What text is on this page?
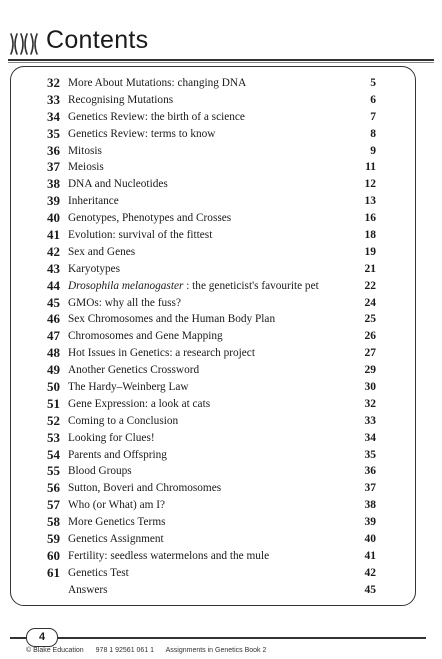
Contents
32 More About Mutations: changing DNA	5
33 Recognising Mutations	6
34 Genetics Review: the birth of a science	7
35 Genetics Review: terms to know	8
36 Mitosis	9
37 Meiosis	11
38 DNA and Nucleotides	12
39 Inheritance	13
40 Genotypes, Phenotypes and Crosses	16
41 Evolution: survival of the fittest	18
42 Sex and Genes	19
43 Karyotypes	21
44 Drosophila melanogaster : the geneticist's favourite pet	22
45 GMOs: why all the fuss?	24
46 Sex Chromosomes and the Human Body Plan	25
47 Chromosomes and Gene Mapping	26
48 Hot Issues in Genetics: a research project	27
49 Another Genetics Crossword	29
50 The Hardy–Weinberg Law	30
51 Gene Expression: a look at cats	32
52 Coming to a Conclusion	33
53 Looking for Clues!	34
54 Parents and Offspring	35
55 Blood Groups	36
56 Sutton, Boveri and Chromosomes	37
57 Who (or What) am I?	38
58 More Genetics Terms	39
59 Genetics Assignment	40
60 Fertility: seedless watermelons and the mule	41
61 Genetics Test	42
Answers	45
4
© Blake Education 978 1 92561 061 1 Assignments in Genetics Book 2
